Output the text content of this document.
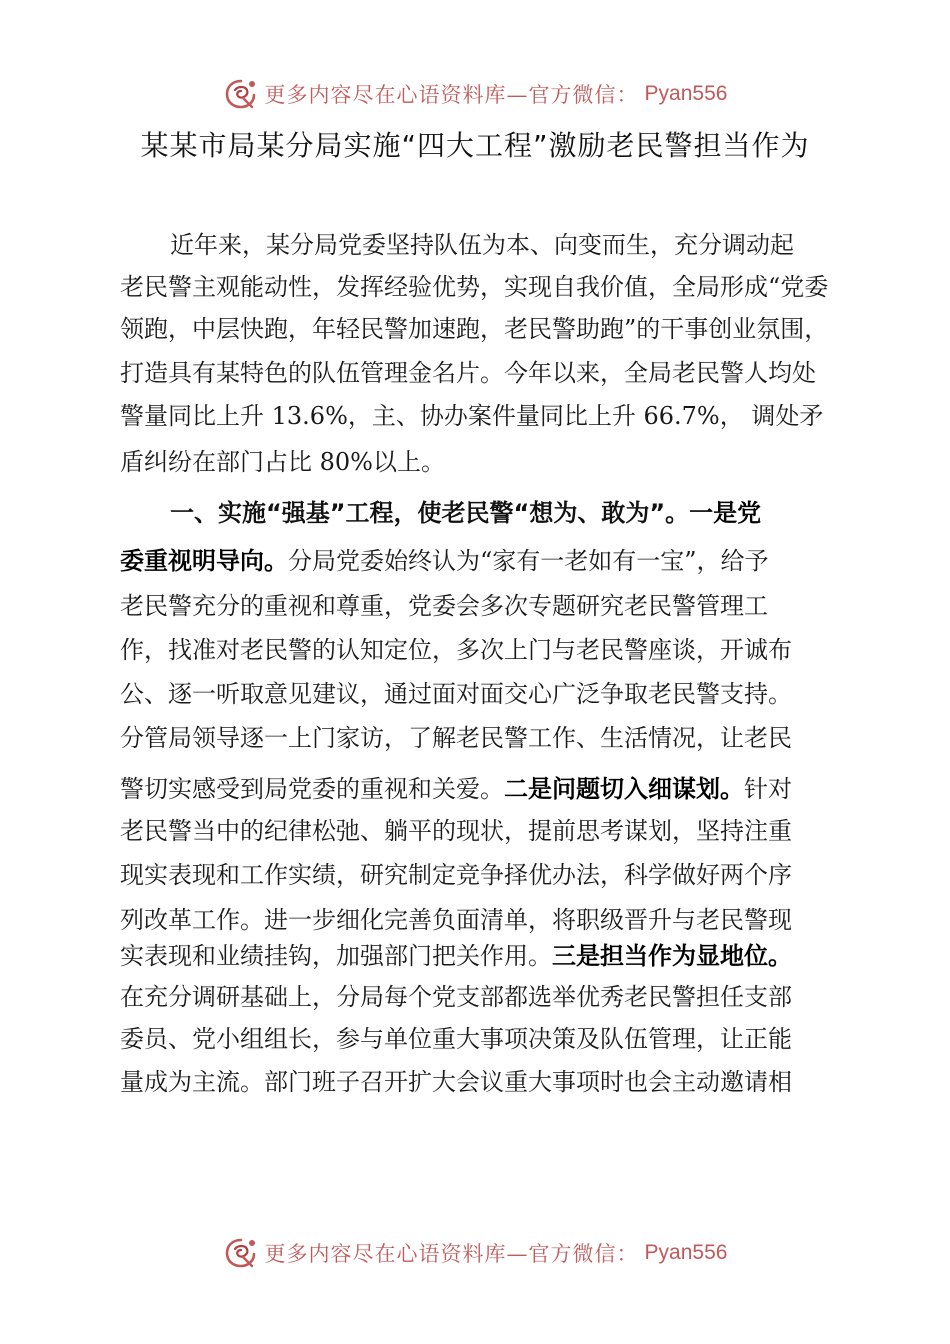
更多内容尽在心语资料库—官方微信： Pyan556
某某市局某分局实施“四大工程”激励老民警担当作为
近年来，某分局党委坚持队伍为本、向变而生，充分调动起
老民警主观能动性，发挥经验优势，实现自我价值，全局形成“党委
领跑，中层快跑，年轻民警加速跑，老民警助跑”的干事创业氛围，
打造具有某特色的队伍管理金名片。今年以来，全局老民警人均处
警量同比上升 13.6%，主、协办案件量同比上升 66.7%， 调处矛
盾纠纷在部门占比 80%以上。
一、实施“强基”工程，使老民警“想为、敢为”。一是党
委重视明导向。分局党委始终认为“家有一老如有一宝”，给予
老民警充分的重视和尊重，党委会多次专题研究老民警管理工
作，找准对老民警的认知定位，多次上门与老民警座谈，开诚布
公、逐一听取意见建议，通过面对面交心广泛争取老民警支持。
分管局领导逐一上门家访，了解老民警工作、生活情况，让老民
警切实感受到局党委的重视和关爱。二是问题切入细谋划。针对
老民警当中的纪律松弛、躺平的现状，提前思考谋划，坚持注重
现实表现和工作实绩，研究制定竞争择优办法，科学做好两个序
列改革工作。进一步细化完善负面清单，将职级晋升与老民警现
实表现和业绩挂钩，加强部门把关作用。三是担当作为显地位。
在充分调研基础上，分局每个党支部都选举优秀老民警担任支部
委员、党小组组长，参与单位重大事项决策及队伍管理，让正能
量成为主流。部门班子召开扩大会议重大事项时也会主动邀请相
更多内容尽在心语资料库—官方微信： Pyan556
